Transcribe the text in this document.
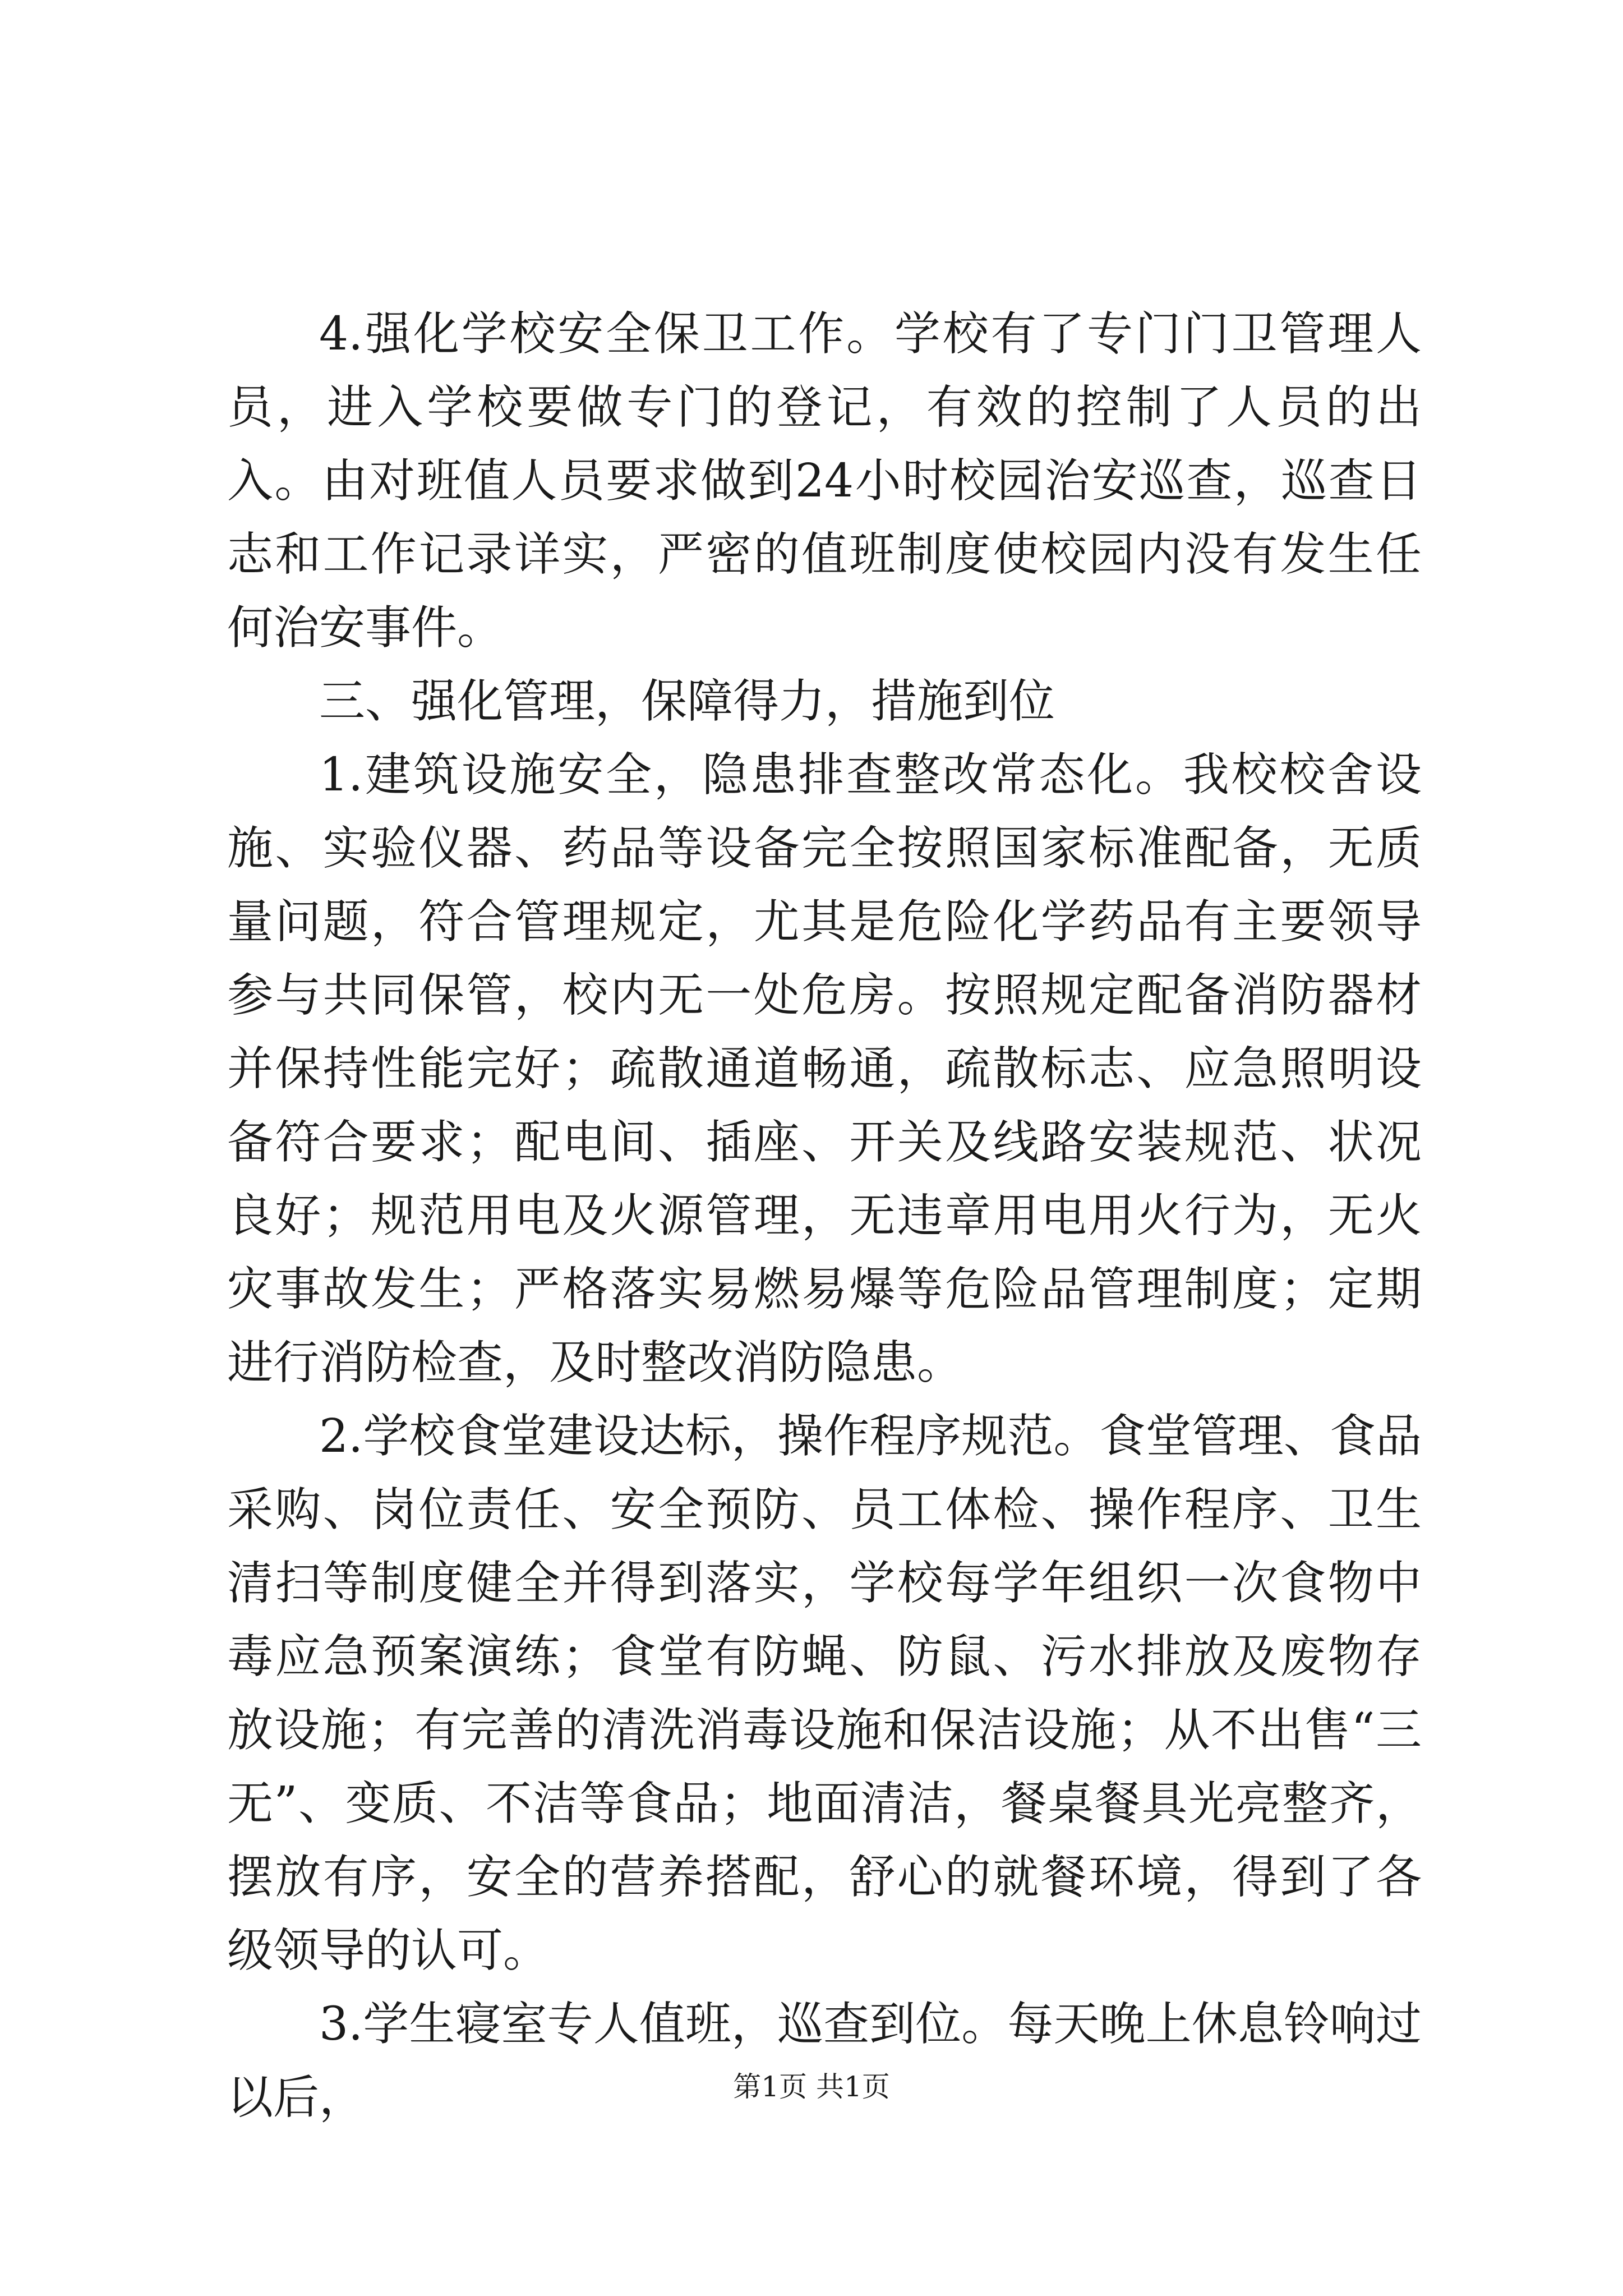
4.强化学校安全保卫工作。学校有了专门门卫管理人员，进入学校要做专门的登记，有效的控制了人员的出入。由对班值人员要求做到24小时校园治安巡查，巡查日志和工作记录详实，严密的值班制度使校园内没有发生任何治安事件。

三、强化管理，保障得力，措施到位

1.建筑设施安全，隐患排查整改常态化。我校校舍设施、实验仪器、药品等设备完全按照国家标准配备，无质量问题，符合管理规定，尤其是危险化学药品有主要领导参与共同保管，校内无一处危房。按照规定配备消防器材并保持性能完好；疏散通道畅通，疏散标志、应急照明设备符合要求；配电间、插座、开关及线路安装规范、状况良好；规范用电及火源管理，无违章用电用火行为，无火灾事故发生；严格落实易燃易爆等危险品管理制度；定期进行消防检查，及时整改消防隐患。

2.学校食堂建设达标，操作程序规范。食堂管理、食品采购、岗位责任、安全预防、员工体检、操作程序、卫生清扫等制度健全并得到落实，学校每学年组织一次食物中毒应急预案演练；食堂有防蝇、防鼠、污水排放及废物存放设施；有完善的清洗消毒设施和保洁设施；从不出售“三无”、变质、不洁等食品；地面清洁，餐桌餐具光亮整齐，摆放有序，安全的营养搭配，舒心的就餐环境，得到了各级领导的认可。

3.学生寝室专人值班，巡查到位。每天晚上休息铃响过以后，	第1页 共1页
